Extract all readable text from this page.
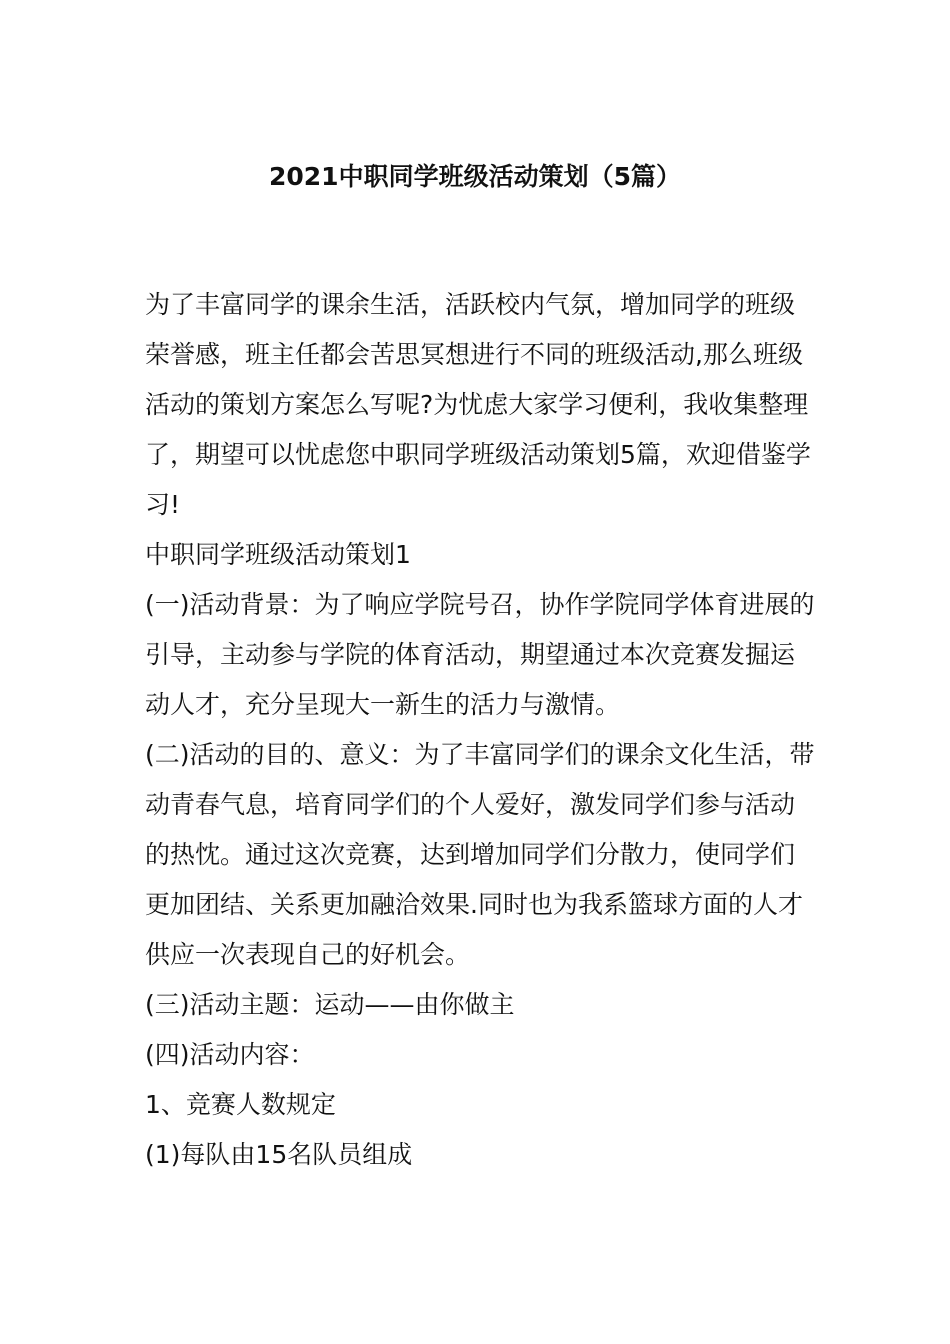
2021中职同学班级活动策划（5篇）

为了丰富同学的课余生活，活跃校内气氛，增加同学的班级荣誉感，班主任都会苦思冥想进行不同的班级活动,那么班级活动的策划方案怎么写呢?为忧虑大家学习便利，我收集整理了，期望可以忧虑您中职同学班级活动策划5篇，欢迎借鉴学习!

中职同学班级活动策划1

(一)活动背景：为了响应学院号召，协作学院同学体育进展的引导，主动参与学院的体育活动，期望通过本次竞赛发掘运动人才，充分呈现大一新生的活力与激情。

(二)活动的目的、意义：为了丰富同学们的课余文化生活，带动青春气息，培育同学们的个人爱好，激发同学们参与活动的热忱。通过这次竞赛，达到增加同学们分散力，使同学们更加团结、关系更加融洽效果.同时也为我系篮球方面的人才供应一次表现自己的好机会。

(三)活动主题：运动——由你做主

(四)活动内容：

1、竞赛人数规定

(1)每队由15名队员组成
